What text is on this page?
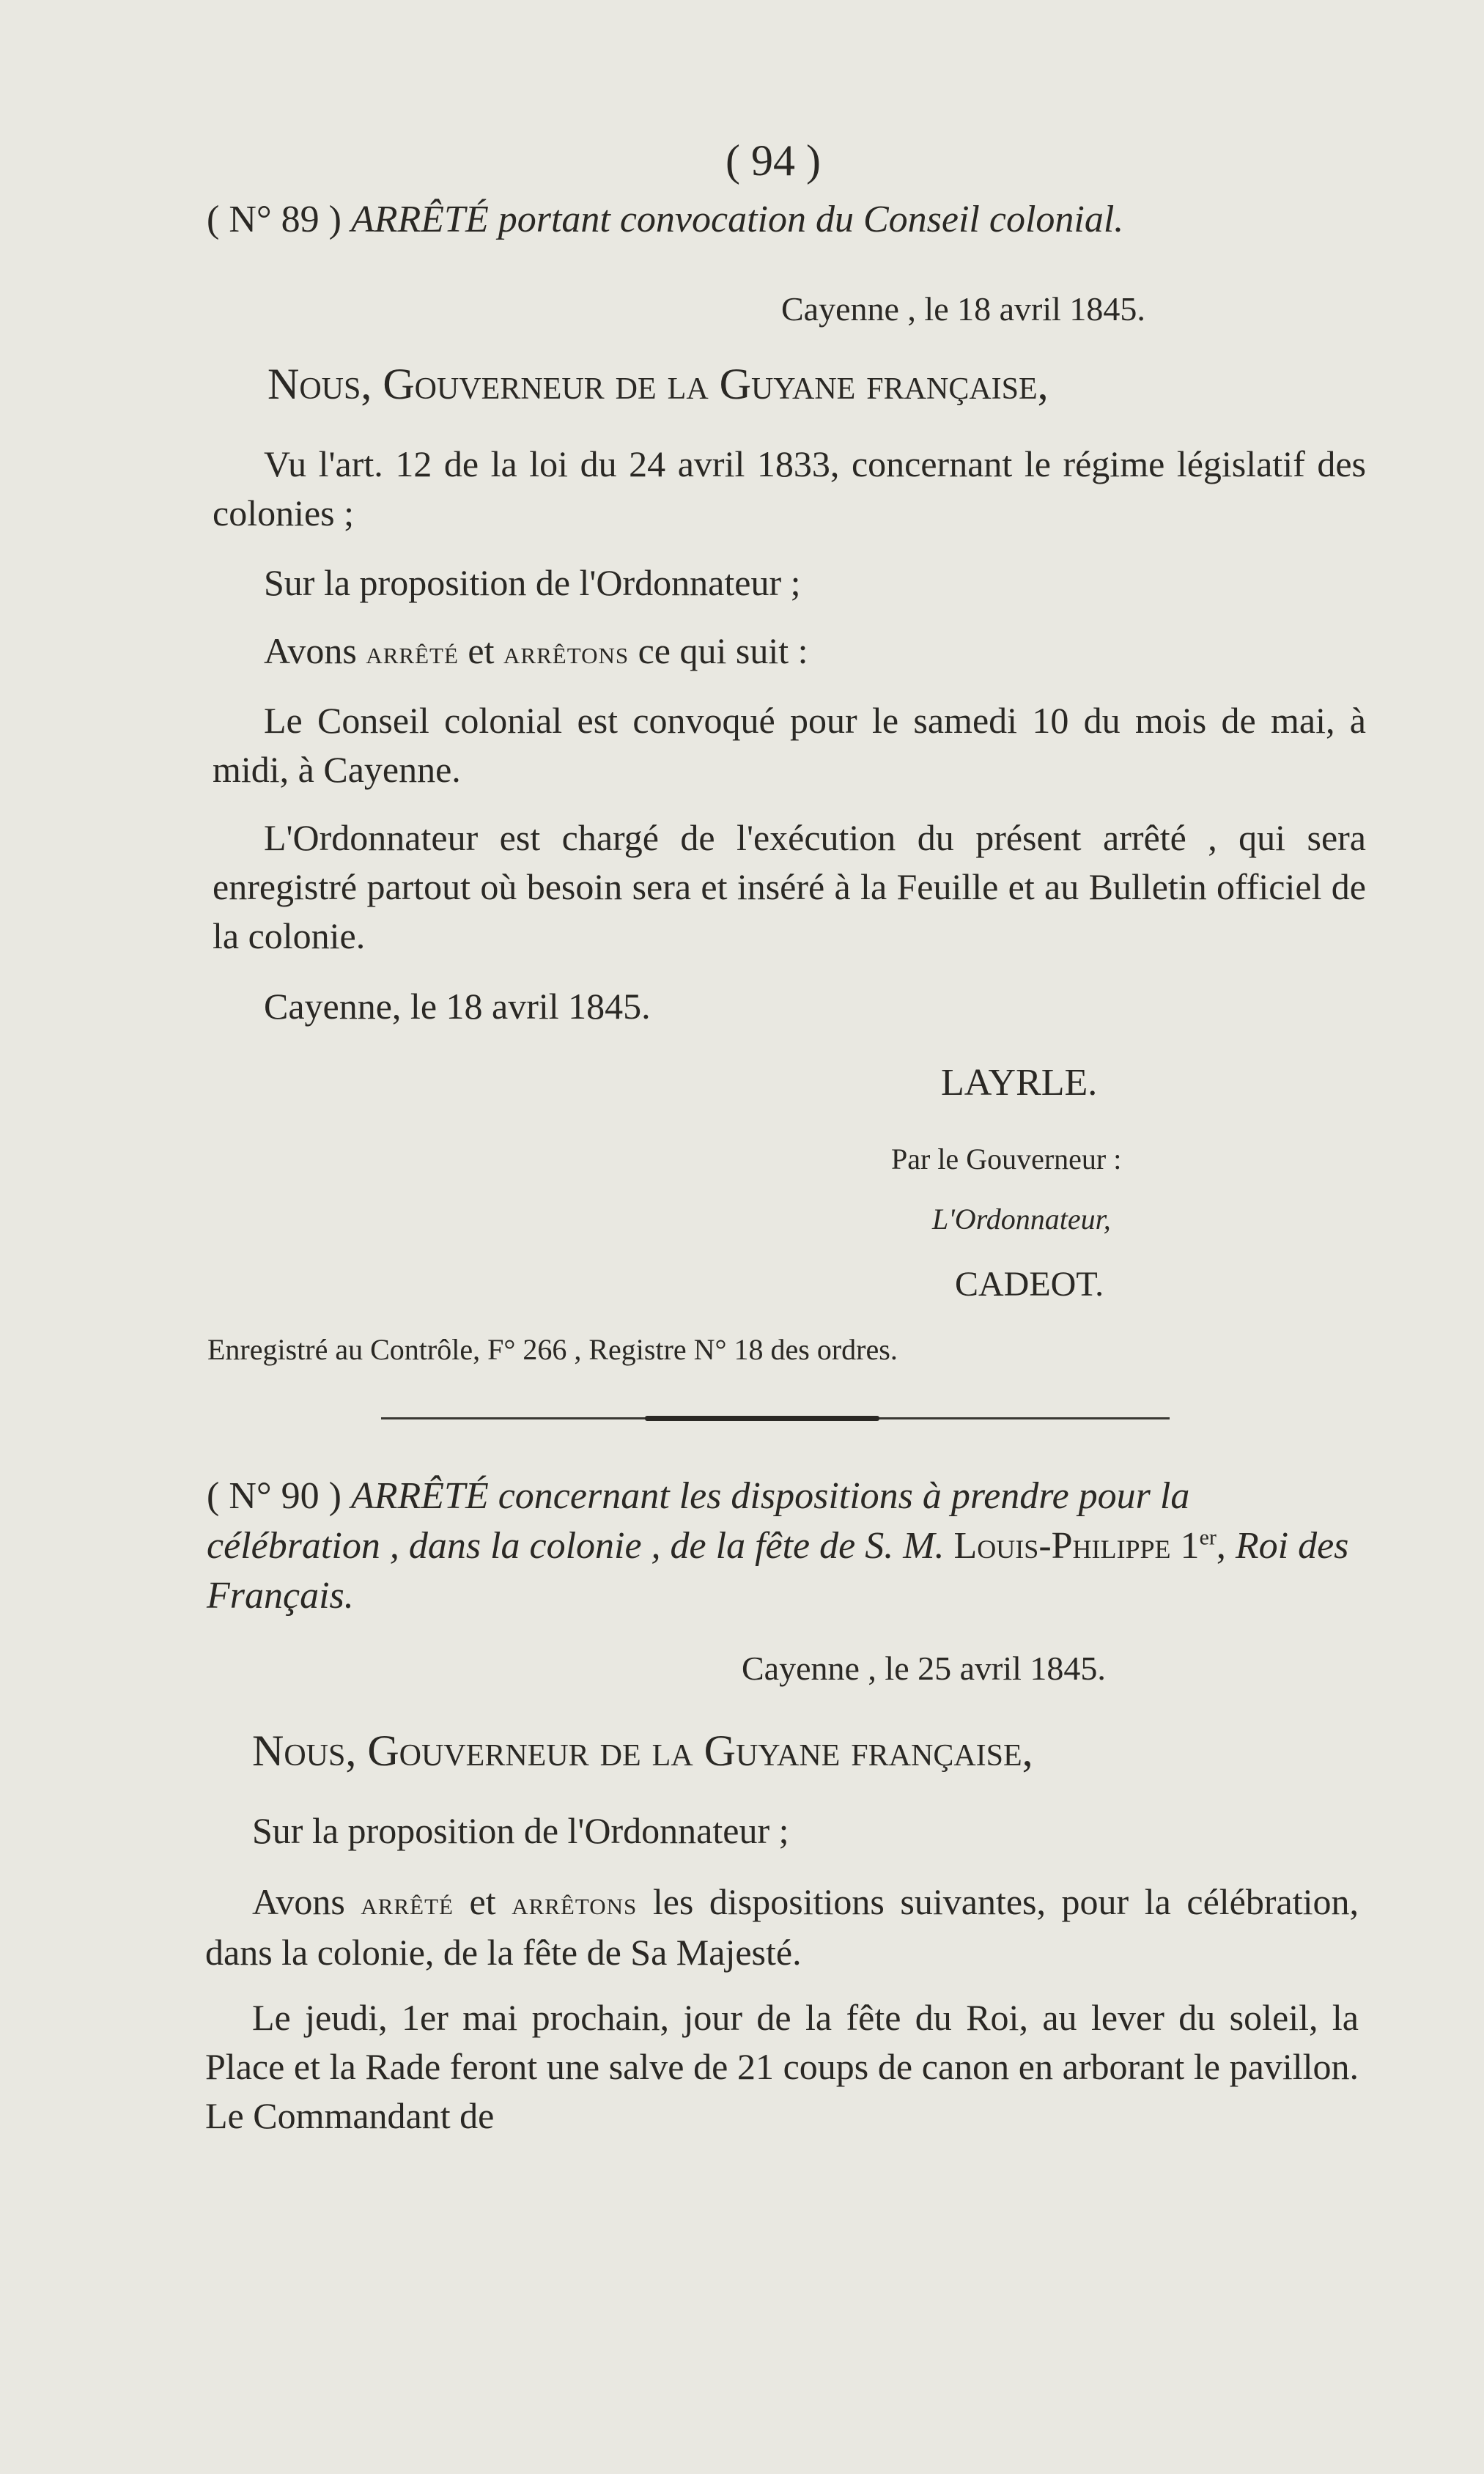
( 94 )
( N° 89 ) ARRÊTÉ portant convocation du Conseil colonial.
Cayenne , le 18 avril 1845.
Nous, Gouverneur de la Guyane française,
Vu l'art. 12 de la loi du 24 avril 1833, concernant le régime législatif des colonies ;
Sur la proposition de l'Ordonnateur ;
Avons arrêté et arrêtons ce qui suit :
Le Conseil colonial est convoqué pour le samedi 10 du mois de mai, à midi, à Cayenne.
L'Ordonnateur est chargé de l'exécution du présent arrêté , qui sera enregistré partout où besoin sera et inséré à la Feuille et au Bulletin officiel de la colonie.
Cayenne, le 18 avril 1845.
LAYRLE.
Par le Gouverneur :
L'Ordonnateur,
CADEOT.
Enregistré au Contrôle, F° 266 , Registre N° 18 des ordres.
( N° 90 ) ARRÊTÉ concernant les dispositions à prendre pour la célébration , dans la colonie , de la fête de S. M. Louis-Philippe 1er, Roi des Français.
Cayenne , le 25 avril 1845.
Nous, Gouverneur de la Guyane française,
Sur la proposition de l'Ordonnateur ;
Avons arrêté et arrêtons les dispositions suivantes, pour la célébration, dans la colonie, de la fête de Sa Majesté.
Le jeudi, 1er mai prochain, jour de la fête du Roi, au lever du soleil, la Place et la Rade feront une salve de 21 coups de canon en arborant le pavillon. Le Commandant de
